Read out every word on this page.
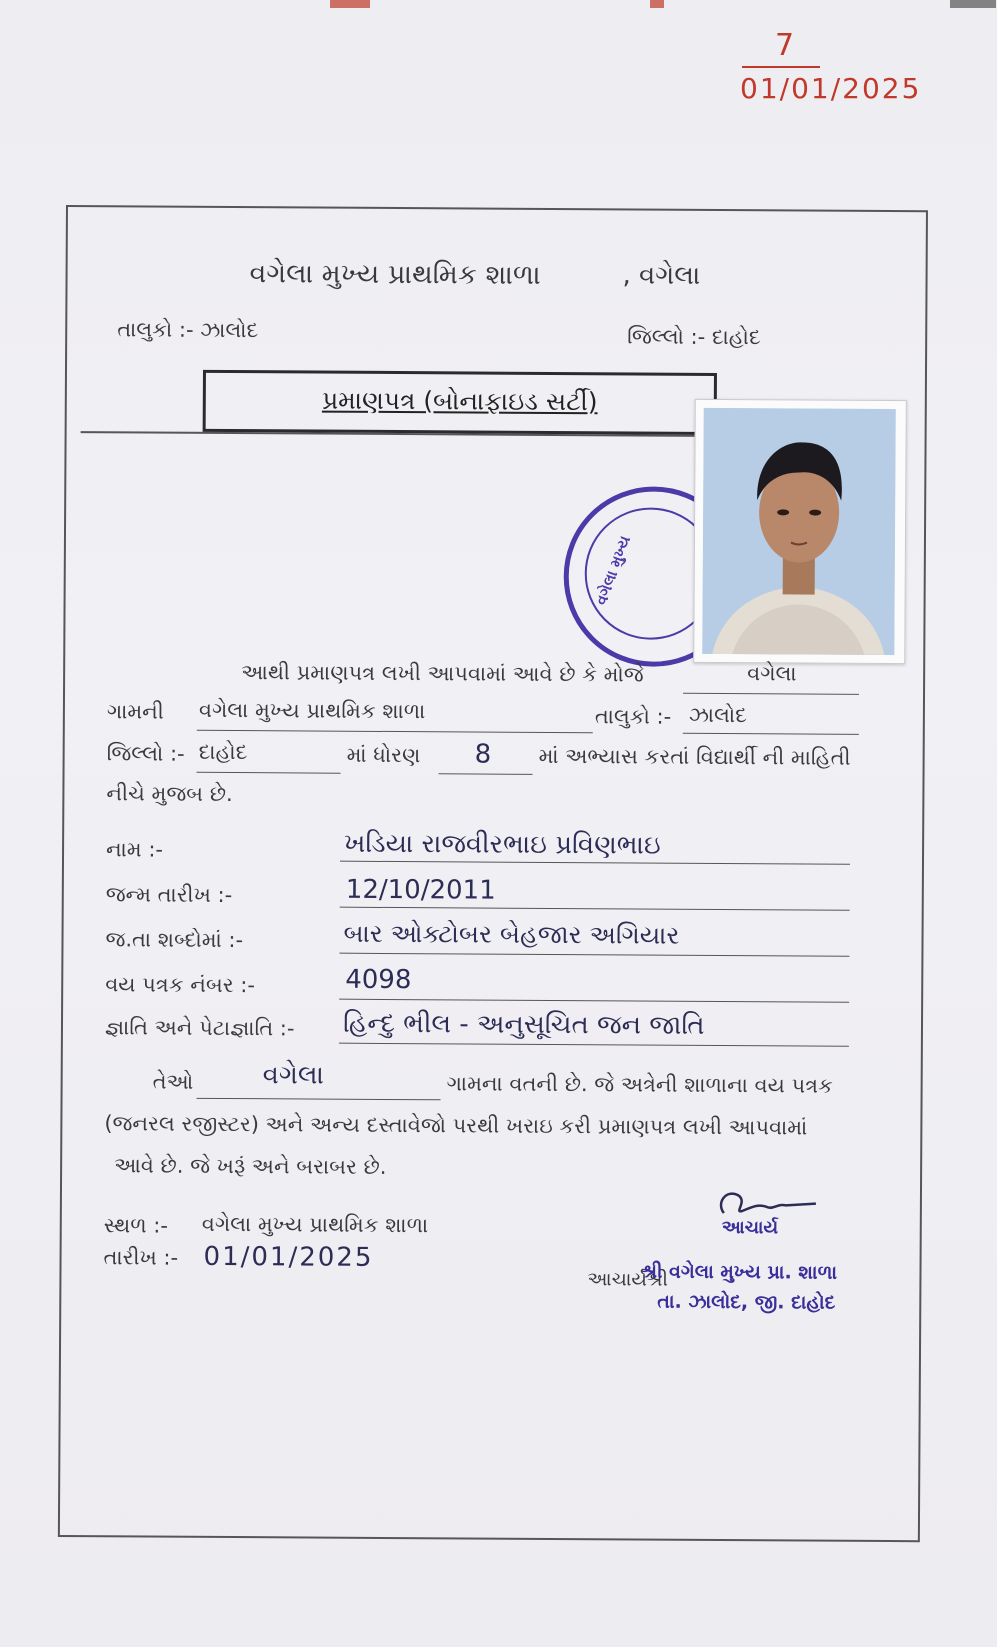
7
01/01/2025
વગેલા મુખ્ય પ્રાથમિક શાળા	, વગેલા
તાલુકો :- ઝાલોદ	જિલ્લો :- દાહોદ
પ્રમાણપત્ર (બોનાફાઇડ સર્ટી)
વગેલા મુખ્ય
આથી પ્રમાણપત્ર લખી આપવામાં આવે છે કે મોજે	વગેલા
ગામની વગેલા મુખ્ય પ્રાથમિક શાળા	તાલુકો :- ઝાલોદ
જિલ્લો :- દાહોદ	માં ધોરણ 8 માં અભ્યાસ કરતાં વિદ્યાર્થી ની માહિતી
નીચે મુજબ છે.
નામ :-	ખડિયા રાજવીરભાઇ પ્રવિણભાઇ
જન્મ તારીખ :-	12/10/2011
જ.તા શબ્દોમાં :-	બાર ઓક્ટોબર બેહજાર અગિયાર
વય પત્રક નંબર :-	4098
જ્ઞાતિ અને પેટાજ્ઞાતિ :- હિન્દુ ભીલ - અનુસૂચિત જન જાતિ
તેઓ	વગેલા	ગામના વતની છે. જે અત્રેની શાળાના વય પત્રક
(જનરલ રજીસ્ટર) અને અન્ય દસ્તાવેજો પરથી ખરાઇ કરી પ્રમાણપત્ર લખી આપવામાં
આવે છે. જે ખરૂં અને બરાબર છે.
સ્થળ :- વગેલા મુખ્ય પ્રાથમિક શાળા
તારીખ :- 01/01/2025
આચાર્ય
આચાર્યશ્રી
શ્રી વગેલા મુખ્ય પ્રા. શાળા
તા. ઝાલોદ, જી. દાહોદ
